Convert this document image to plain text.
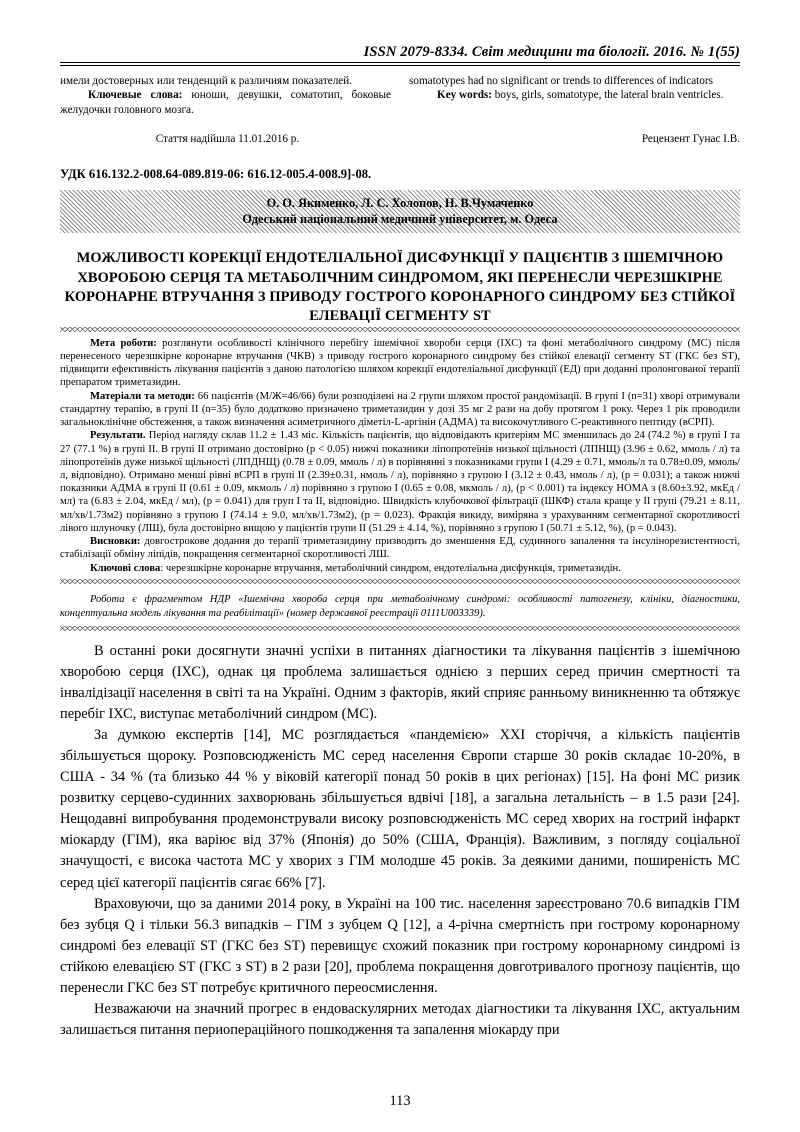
ISSN 2079-8334. Світ медицини та біології. 2016. № 1(55)

имели достоверных или тенденций к различиям показателей.

Ключевые слова: юноши, девушки, соматотип, боковые желудочки головного мозга.

somatotypes had no significant or trends to differences of indicators

Key words: boys, girls, somatotype, the lateral brain ventricles.

Стаття надійшла 11.01.2016 р.	Рецензент Гунас І.В.
УДК 616.132.2-008.64-089.819-06: 616.12-005.4-008.9]-08.
О. О. Якименко, Л. С. Холопов, Н. В.Чумаченко
Одеський національний медичний університет, м. Одеса
МОЖЛИВОСТІ КОРЕКЦІЇ ЕНДОТЕЛІАЛЬНОЇ ДИСФУНКЦІЇ У ПАЦІЄНТІВ З ІШЕМІЧНОЮ ХВОРОБОЮ СЕРЦЯ ТА МЕТАБОЛІЧНИМ СИНДРОМОМ, ЯКІ ПЕРЕНЕСЛИ ЧЕРЕЗШКІРНЕ КОРОНАРНЕ ВТРУЧАННЯ З ПРИВОДУ ГОСТРОГО КОРОНАРНОГО СИНДРОМУ БЕЗ СТІЙКОЇ ЕЛЕВАЦІЇ СЕГМЕНТУ ST

Мета роботи: розглянути особливості клінічного перебігу ішемічної хвороби серця (ІХС) та фоні метаболічного синдрому (МС) після перенесеного черезшкірне коронарне втручання (ЧКВ) з приводу гострого коронарного синдрому без стійкої елевації сегменту ST (ГКС без ST), підвищити ефективність лікування пацієнтів з даною патологією шляхом корекції ендотеліальної дисфункції (ЕД) при доданні пролонгованої терапії препаратом триметазидин.

Матеріали та методи: 66 пацієнтів (М/Ж=46/66) були розподілені на 2 групи шляхом простої рандомізації. В групі I (n=31) хворі отримували стандартну терапію, в групі II (n=35) було додатково призначено триметазидин у дозі 35 мг 2 рази на добу протягом 1 року. Через 1 рік проводили загальноклінічне обстеження, а також визначення асиметричного діметіл-L-аргінін (АДМА) та високочутливого C-реактивного пептиду (вСРП).

Результати. Період нагляду склав 11.2 ± 1.43 міс. Кількість пацієнтів, що відповідають критеріям МС зменшилась до 24 (74.2 %) в групі I та 27 (77.1 %) в групі II. В групі II отримано достовірно (p < 0.05) нижчі показники ліпопротеїнів низької щільності (ЛПНЩ) (3.96 ± 0.62, ммоль / л) та ліпопротеїнів дуже низької щільності (ЛПДНЩ) (0.78 ± 0.09, ммоль / л) в порівнянні з показниками групи I (4.29 ± 0.71, ммоль/л та 0.78±0.09, ммоль/л, відповідно). Отримано менші рівні вСРП в групі II (2.39±0.31, нмоль / л), порівняно з групою I (3.12 ± 0.43, нмоль / л), (p = 0.031); а також нижчі показники АДМА в групі II (0.61 ± 0.09, мкмоль / л) порівняно з групою I (0.65 ± 0.08, мкмоль / л), (p < 0.001) та індексу HOMA з (8.60±3.92, мкЕд / мл) та (6.83 ± 2.04, мкЕд / мл), (p = 0.041) для груп I та II, відповідно. Швидкість клубочкової фільтрації (ШКФ) стала краще у II групі (79.21 ± 8.11, мл/хв/1.73м2) порівняно з групою I (74.14 ± 9.0, мл/хв/1.73м2), (p = 0.023). Фракція викиду, виміряна з урахуванням сегментарної скоротливості лівого шлуночку (ЛШ), була достовірно вищою у пацієнтів групи II (51.29 ± 4.14, %), порівняно з групою I (50.71 ± 5.12, %), (p = 0.043).

Висновки: довгострокове додання до терапії триметазидину призводить до зменшення ЕД, судинного запалення та інсулінорезистентності, стабілізації обміну ліпідів, покращення сегментарної скоротливості ЛШ.

Ключові слова: черезшкірне коронарне втручання, метаболічний синдром, ендотеліальна дисфункція, триметазидін.

Робота є фрагментом НДР «Ішемічна хвороба серця при метаболічному синдромі: особливості патогенезу, клініки, діагностики, концептуальна модель лікування та реабілітації» (номер державної реєстрації 0111U003339).

В останні роки досягнути значні успіхи в питаннях діагностики та лікування пацієнтів з ішемічною хворобою серця (ІХС), однак ця проблема залишається однією з перших серед причин смертності та інвалідізації населення в світі та на Україні. Одним з факторів, який сприяє ранньому виникненню та обтяжує перебіг ІХС, виступає метаболічний синдром (МС).

За думкою експертів [14], МС розглядається «пандемією» XXI сторіччя, а кількість пацієнтів збільшується щороку. Розповсюдженість МС серед населення Європи старше 30 років складає 10-20%, в США - 34 % (та близько 44 % у віковій категорії понад 50 років в цих регіонах) [15]. На фоні МС ризик розвитку серцево-судинних захворювань збільшується вдвічі [18], а загальна летальність – в 1.5 рази [24]. Нещодавні випробування продемонстрували високу розповсюдженість МС серед хворих на гострий інфаркт міокарду (ГІМ), яка варіює від 37% (Японія) до 50% (США, Франція). Важливим, з погляду соціальної значущості, є висока частота МС у хворих з ГІМ молодше 45 років. За деякими даними, поширеність МС серед цієї категорії пацієнтів сягає 66% [7].

Враховуючи, що за даними 2014 року, в Україні на 100 тис. населення зареєстровано 70.6 випадків ГІМ без зубця Q і тільки 56.3 випадків – ГІМ з зубцем Q [12], а 4-річна смертність при гострому коронарному синдромі без елевації ST (ГКС без ST) перевищує схожий показник при гострому коронарному синдромі із стійкою елевацією ST (ГКС з ST) в 2 рази [20], проблема покращення довготривалого прогнозу пацієнтів, що перенесли ГКС без ST потребує критичного переосмислення.

Незважаючи на значний прогрес в ендоваскулярних методах діагностики та лікування ІХС, актуальним залишається питання периопераційного пошкодження та запалення міокарду при

113
